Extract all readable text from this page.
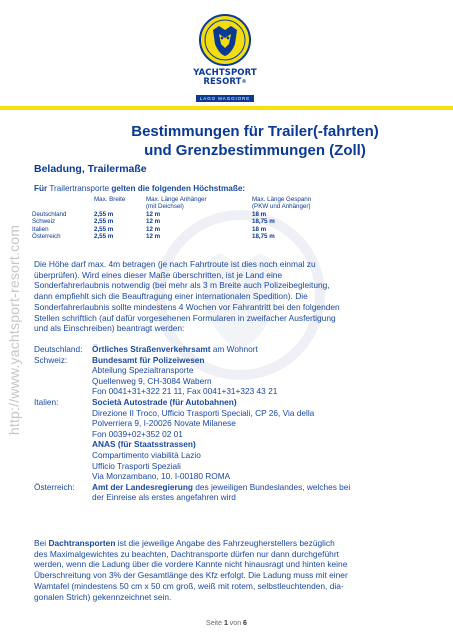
YACHTSPORT
RESORT®
LAGO MAGGIORE
http://www.yachtsport-resort.com
Bestimmungen für Trailer(-fahrten)
und Grenzbestimmungen (Zoll)
Beladung, Trailermaße
Für Trailertransporte gelten die folgenden Höchstmaße:
	Max. Breite	Max. Länge Anhänger	Max. Länge Gespann
		(mit Deichsel)	(PKW und Anhänger)
Deutschland	2,55 m	12 m	18 m
Schweiz	2,55 m	12 m	18,75 m
Italien	2,55 m	12 m	18 m
Österreich	2,55 m	12 m	18,75 m
Die Höhe darf max. 4m betragen (je nach Fahrtroute ist dies noch einmal zu
überprüfen). Wird eines dieser Maße überschritten, ist je Land eine
Sonderfahrerlaubnis notwendig (bei mehr als 3 m Breite auch Polizeibegleitung,
dann empfiehlt sich die Beauftragung einer internationalen Spedition). Die
Sonderfahrerlaubnis sollte mindestens 4 Wochen vor Fahrantritt bei den folgenden
Stellen schriftlich (auf dafür vorgesehenen Formularen in zweifacher Ausfertigung
und als Einschreiben) beantragt werden:
Deutschland:	Örtliches Straßenverkehrsamt am Wohnort
Schweiz:	Bundesamt für Polizeiwesen
Abteilung Spezialtransporte
Quellenweg 9, CH-3084 Wabern
Fon 0041+31+322 21 11, Fax 0041+31+323 43 21
Italien:	Società Autostrade (für Autobahnen)
Direzione II Troco, Ufficio Trasporti Speciali, CP 26, Via della
Polverriera 9, I-20026 Novate Milanese
Fon 0039+02+352 02 01
ANAS (für Staatsstrassen)
Compartimento viabilità Lazio
Ufficio Trasporti Speziali
Via Monzambano, 10. I-00180 ROMA
Österreich:	Amt der Landesregierung des jeweiligen Bundeslandes, welches bei
der Einreise als erstes angefahren wird
Bei Dachtransporten ist die jeweilige Angabe des Fahrzeugherstellers bezüglich
des Maximalgewichtes zu beachten, Dachtransporte dürfen nur dann durchgeführt
werden, wenn die Ladung über die vordere Kannte nicht hinausragt und hinten keine
Überschreitung von 3% der Gesamtlänge des Kfz erfolgt. Die Ladung muss mit einer
Wamtafel (mindestens 50 cm x 50 cm groß, weiß mit rotem, selbstleuchtenden, dia-
gonalen Strich) gekennzeichnet sein.
Seite 1 von 6
